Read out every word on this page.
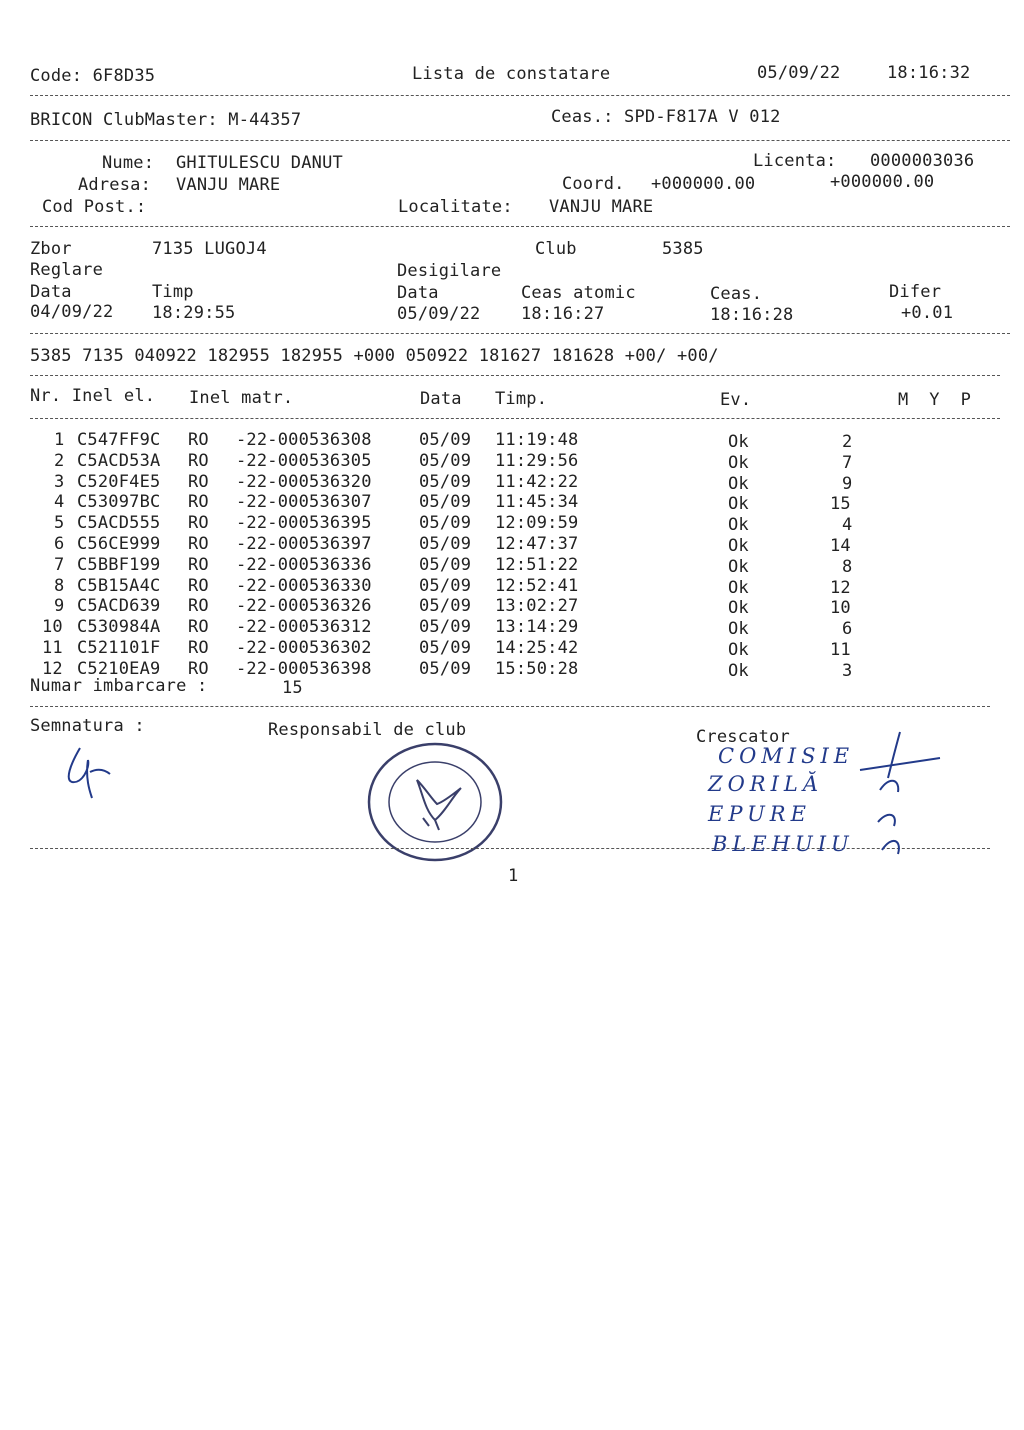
Code: 6F8D35	Lista de constatare	05/09/22	18:16:32
BRICON ClubMaster: M-44357	Ceas.: SPD-F817A V 012
Nume: GHITULESCU DANUT	Licenta: 0000003036
Adresa: VANJU MARE	Coord. +000000.00	+000000.00
Cod Post.:	Localitate: VANJU MARE
Zbor	7135 LUGOJ4	Club	5385
Reglare	Desigilare
Data	Timp	Data	Ceas atomic	Ceas.	Difer
04/09/22 18:29:55	05/09/22 18:16:27	18:16:28	+0.01
5385 7135 040922 182955 182955 +000 050922 181627 181628 +00/ +00/
Nr. Inel el. Inel matr.	Data Timp.	Ev.	M  Y  P
1 C547FF9C RO -22-000536308	05/09 11:19:48	Ok	2
2 C5ACD53A RO -22-000536305	05/09 11:29:56	Ok	7
3 C520F4E5 RO -22-000536320	05/09 11:42:22	Ok	9
4 C53097BC RO -22-000536307	05/09 11:45:34	Ok	15
5 C5ACD555 RO -22-000536395	05/09 12:09:59	Ok	4
6 C56CE999 RO -22-000536397	05/09 12:47:37	Ok	14
7 C5BBF199 RO -22-000536336	05/09 12:51:22	Ok	8
8 C5B15A4C RO -22-000536330	05/09 12:52:41	Ok	12
9 C5ACD639 RO -22-000536326	05/09 13:02:27	Ok	10
10 C530984A RO -22-000536312	05/09 13:14:29	Ok	6
11 C521101F RO -22-000536302	05/09 14:25:42	Ok	11
12 C5210EA9 RO -22-000536398	05/09 15:50:28	Ok	3
Numar imbarcare :	15
Semnatura :	Responsabil de club	Crescator
COMISIE
ZORILĂ
EPURE
BLEHUIU
1
